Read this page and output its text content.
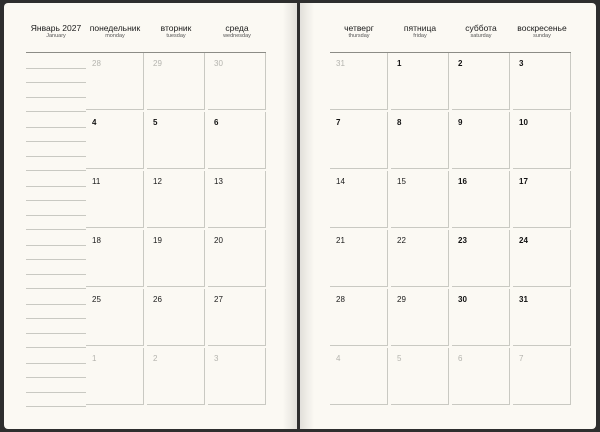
Январь 2027
January
понедельник
monday
вторник
tuesday
среда
wednesday
28	29	30
4	5	6
11	12	13
18	19	20
25	26	27
1	2	3
четверг
thursday
пятница
friday
суббота
saturday
воскресенье
sunday
31	1	2	3
7	8	9	10
14	15	16	17
21	22	23	24
28	29	30	31
4	5	6	7
